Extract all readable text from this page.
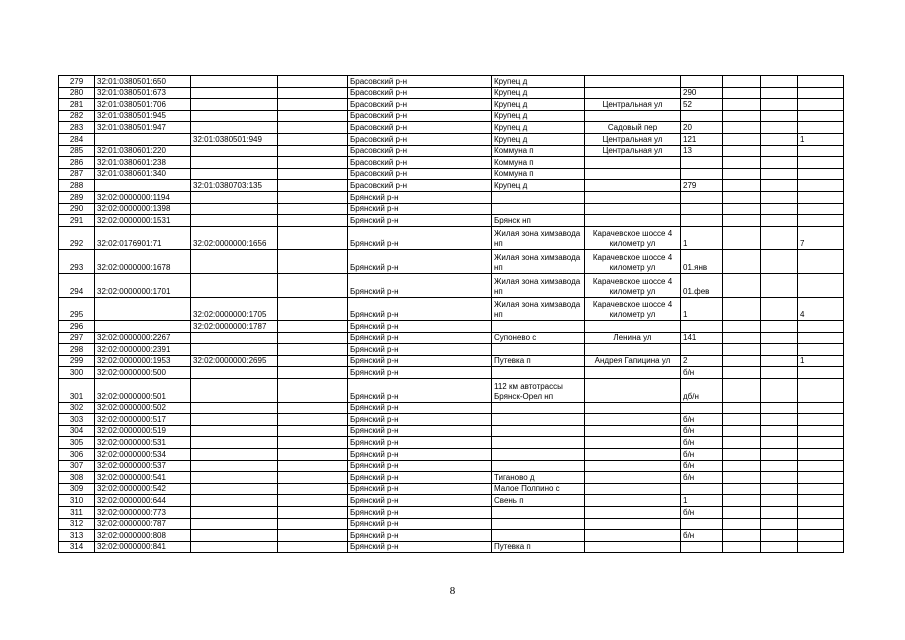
279	32:01:0380501:650			Брасовский р-н	Крупец д					
280	32:01:0380501:673			Брасовский р-н	Крупец д		290			
281	32:01:0380501:706			Брасовский р-н	Крупец д	Центральная ул	52			
282	32:01:0380501:945			Брасовский р-н	Крупец д					
283	32:01:0380501:947			Брасовский р-н	Крупец д	Садовый пер	20			
284		32:01:0380501:949		Брасовский р-н	Крупец д	Центральная ул	121			1
285	32:01:0380601:220			Брасовский р-н	Коммуна п	Центральная ул	13			
286	32:01:0380601:238			Брасовский р-н	Коммуна п					
287	32:01:0380601:340			Брасовский р-н	Коммуна п					
288		32:01:0380703:135		Брасовский р-н	Крупец д		279			
289	32:02:0000000:1194			Брянский р-н						
290	32:02:0000000:1398			Брянский р-н						
291	32:02:0000000:1531			Брянский р-н	Брянск нп					
292	32:02:0176901:71	32:02:0000000:1656		Брянский р-н	Жилая зона химзавода нп	Карачевское шоссе 4 километр ул	1			7
293	32:02:0000000:1678			Брянский р-н	Жилая зона химзавода нп	Карачевское шоссе 4 километр ул	01.янв			
294	32:02:0000000:1701			Брянский р-н	Жилая зона химзавода нп	Карачевское шоссе 4 километр ул	01.фев			
295		32:02:0000000:1705		Брянский р-н	Жилая зона химзавода нп	Карачевское шоссе 4 километр ул	1			4
296		32:02:0000000:1787		Брянский р-н						
297	32:02:0000000:2267			Брянский р-н	Супонево с	Ленина ул	141			
298	32:02:0000000:2391			Брянский р-н						
299	32:02:0000000:1953	32:02:0000000:2695		Брянский р-н	Путевка п	Андрея Гапицина ул	2			1
300	32:02:0000000:500			Брянский р-н			б/н			
301	32:02:0000000:501			Брянский р-н	112 км автотрассы Брянск-Орел нп		дб/н			
302	32:02:0000000:502			Брянский р-н						
303	32:02:0000000:517			Брянский р-н			б/н			
304	32:02:0000000:519			Брянский р-н			б/н			
305	32:02:0000000:531			Брянский р-н			б/н			
306	32:02:0000000:534			Брянский р-н			б/н			
307	32:02:0000000:537			Брянский р-н			б/н			
308	32:02:0000000:541			Брянский р-н	Тиганово д		б/н			
309	32:02:0000000:542			Брянский р-н	Малое Полпино с					
310	32:02:0000000:644			Брянский р-н	Свень п		1			
311	32:02:0000000:773			Брянский р-н			б/н			
312	32:02:0000000:787			Брянский р-н						
313	32:02:0000000:808			Брянский р-н			б/н			
314	32:02:0000000:841			Брянский р-н	Путевка п					
8
